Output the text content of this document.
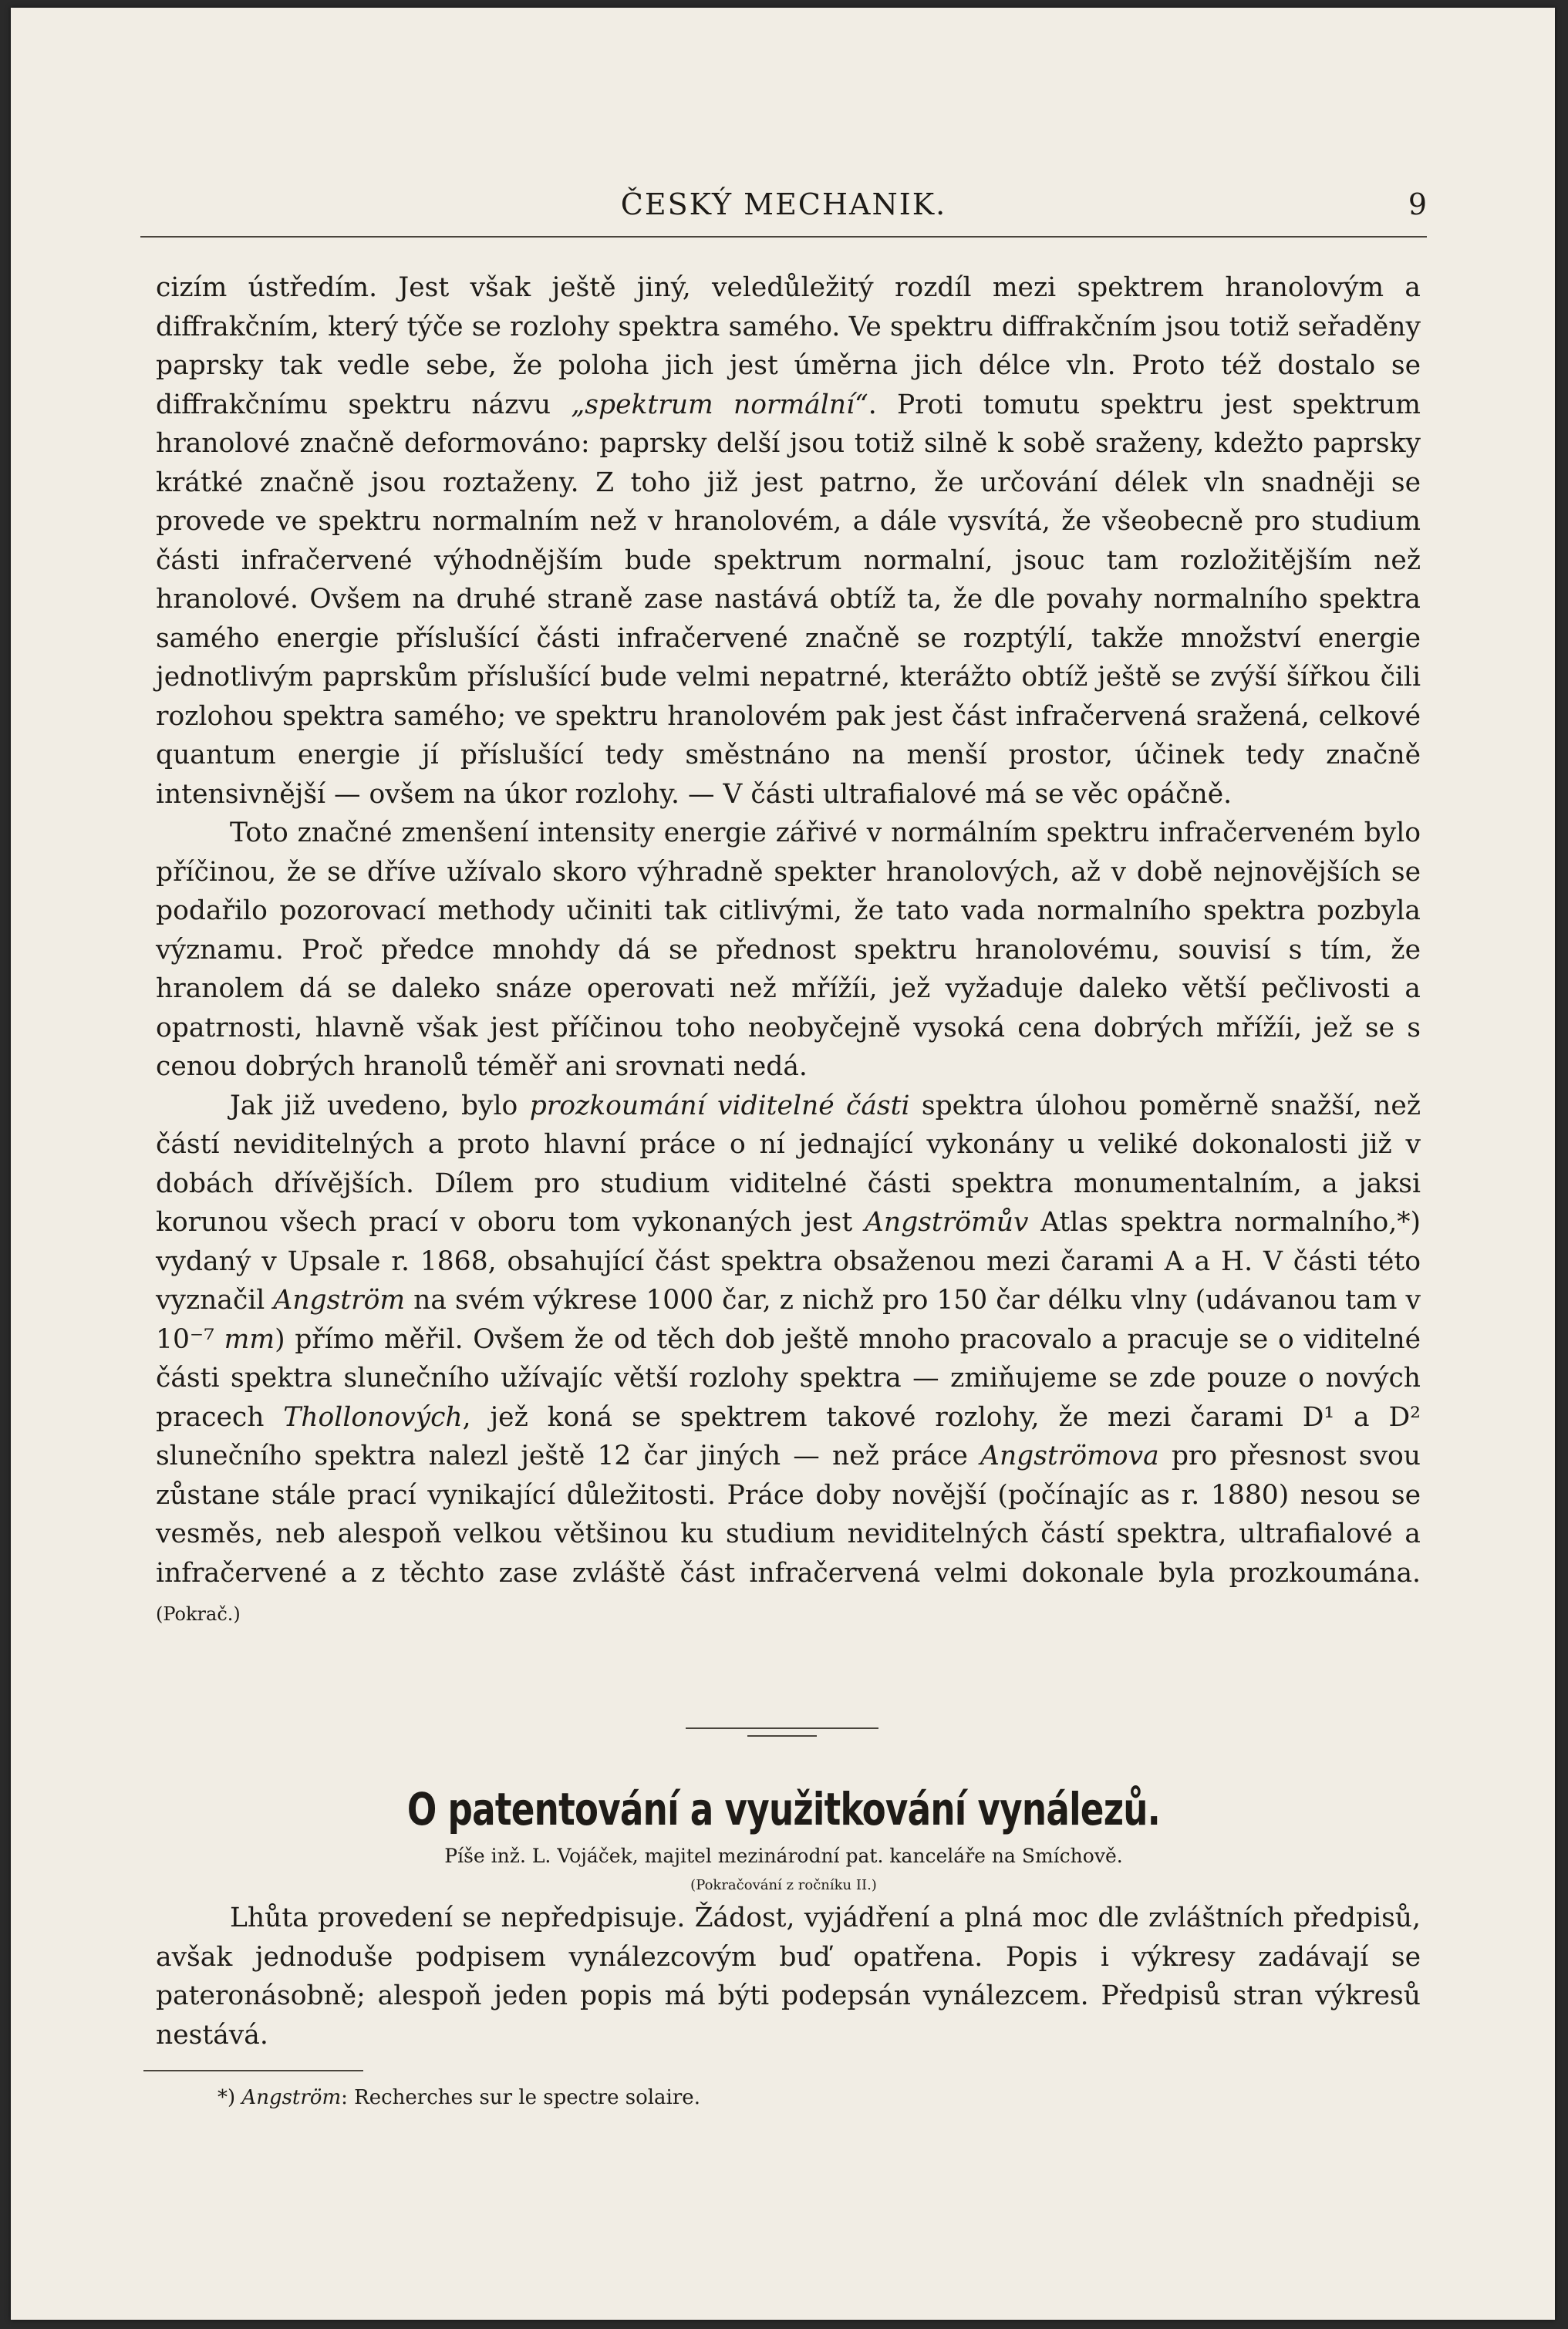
ČESKÝ MECHANIK.	9

cizím ústředím. Jest však ještě jiný, veledůležitý rozdíl mezi spektrem hranolovým a diffrakčním, který týče se rozlohy spektra samého. Ve spektru diffrakčním jsou totiž seřaděny paprsky tak vedle sebe, že poloha jich jest úměrna jich délce vln. Proto též dostalo se diffrakčnímu spektru názvu „spektrum normální“. Proti tomutu spektru jest spektrum hranolové značně deformováno: paprsky delší jsou totiž silně k sobě sraženy, kdežto paprsky krátké značně jsou roztaženy. Z toho již jest patrno, že určování délek vln snadněji se provede ve spektru normalním než v hranolovém, a dále vysvítá, že všeobecně pro studium části infračervené výhodnějším bude spektrum normalní, jsouc tam rozložitějším než hranolové. Ovšem na druhé straně zase nastává obtíž ta, že dle povahy normalního spektra samého energie příslušící části infračervené značně se rozptýlí, takže množství energie jednotlivým paprskům příslušící bude velmi nepatrné, kterážto obtíž ještě se zvýší šířkou čili rozlohou spektra samého; ve spektru hranolovém pak jest část infračervená sražená, celkové quantum energie jí příslušící tedy směstnáno na menší prostor, účinek tedy značně intensivnější — ovšem na úkor rozlohy. — V části ultrafialové má se věc opáčně.

Toto značné zmenšení intensity energie zářivé v normálním spektru infračerveném bylo příčinou, že se dříve užívalo skoro výhradně spekter hranolových, až v době nejnovějších se podařilo pozorovací methody učiniti tak citlivými, že tato vada normalního spektra pozbyla významu. Proč předce mnohdy dá se přednost spektru hranolovému, souvisí s tím, že hranolem dá se daleko snáze operovati než mřížíi, jež vyžaduje daleko větší pečlivosti a opatrnosti, hlavně však jest příčinou toho neobyčejně vysoká cena dobrých mřížíi, jež se s cenou dobrých hranolů téměř ani srovnati nedá.

Jak již uvedeno, bylo prozkoumání viditelné části spektra úlohou poměrně snažší, než částí neviditelných a proto hlavní práce o ní jednající vykonány u veliké dokonalosti již v dobách dřívějších. Dílem pro studium viditelné části spektra monumentalním, a jaksi korunou všech prací v oboru tom vykonaných jest Angströmův Atlas spektra normalního,*) vydaný v Upsale r. 1868, obsahující část spektra obsaženou mezi čarami A a H. V části této vyznačil Angström na svém výkrese 1000 čar, z nichž pro 150 čar délku vlny (udávanou tam v 10⁻⁷ mm) přímo měřil. Ovšem že od těch dob ještě mnoho pracovalo a pracuje se o viditelné části spektra slunečního užívajíc větší rozlohy spektra — zmiňujeme se zde pouze o nových pracech Thollonových, jež koná se spektrem takové rozlohy, že mezi čarami D¹ a D² slunečního spektra nalezl ještě 12 čar jiných — než práce Angströmova pro přesnost svou zůstane stále prací vynikající důležitosti. Práce doby novější (počínajíc as r. 1880) nesou se vesměs, neb alespoň velkou většinou ku studium neviditelných částí spektra, ultrafialové a infračervené a z těchto zase zvláště část infračervená velmi dokonale byla prozkoumána. (Pokrač.)

O patentování a využitkování vynálezů.
Píše inž. L. Vojáček, majitel mezinárodní pat. kanceláře na Smíchově.
(Pokračování z ročníku II.)

Lhůta provedení se nepředpisuje. Žádost, vyjádření a plná moc dle zvláštních předpisů, avšak jednoduše podpisem vynálezcovým buď opatřena. Popis i výkresy zadávají se pateronásobně; alespoň jeden popis má býti podepsán vynálezcem. Předpisů stran výkresů nestává.

*) Angström: Recherches sur le spectre solaire.
